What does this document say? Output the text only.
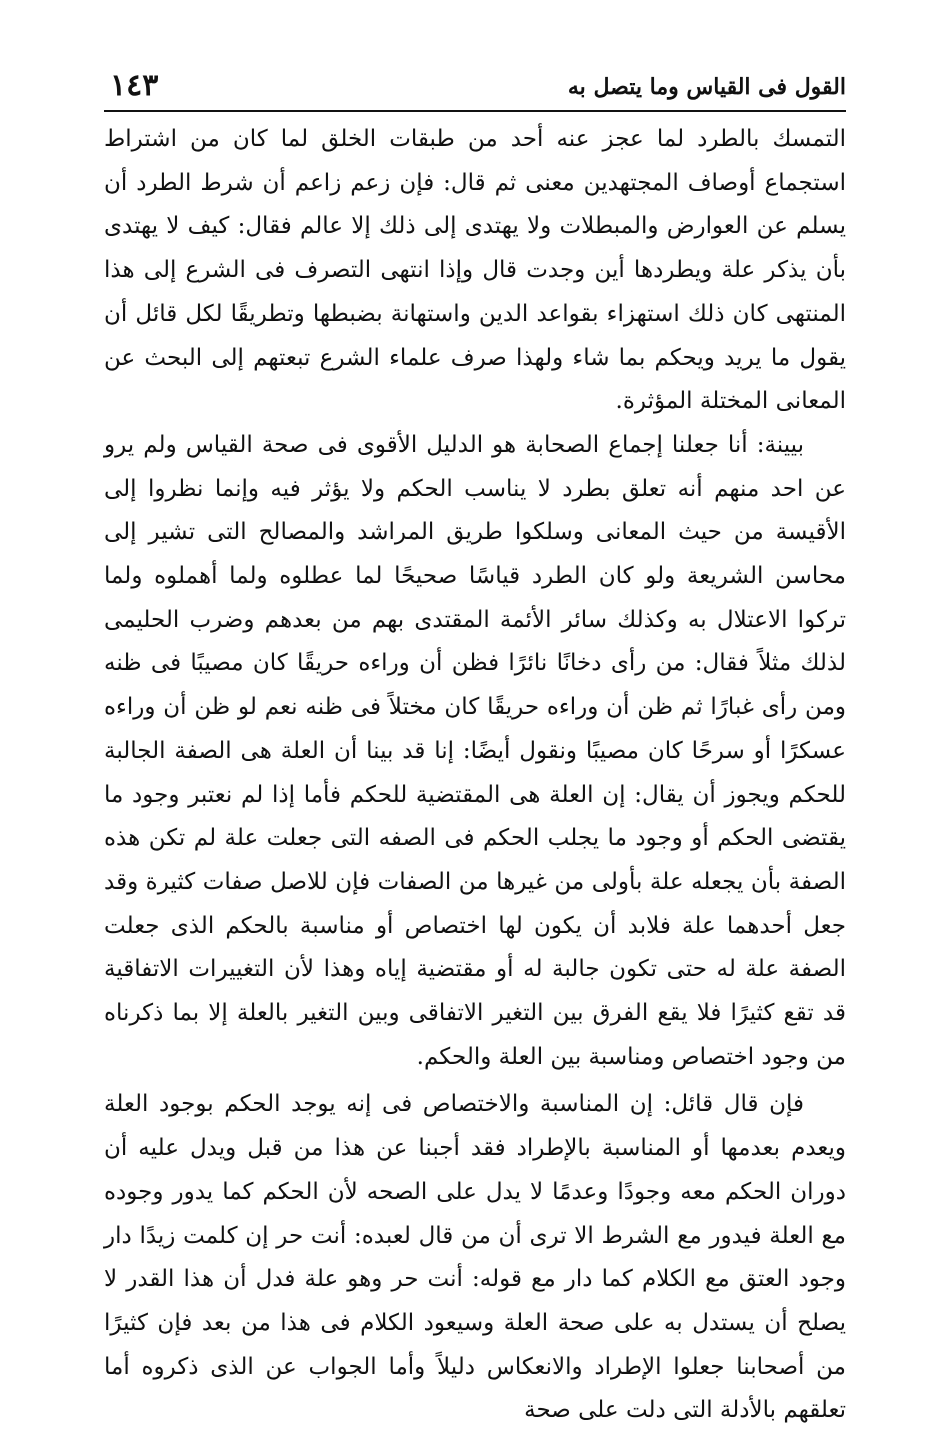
القول فى القياس وما يتصل به
١٤٣

التمسك بالطرد لما عجز عنه أحد من طبقات الخلق لما كان من اشتراط استجماع أوصاف المجتهدين معنى ثم قال: فإن زعم زاعم أن شرط الطرد أن يسلم عن العوارض والمبطلات ولا يهتدى إلى ذلك إلا عالم فقال: كيف لا يهتدى بأن يذكر علة ويطردها أين وجدت قال وإذا انتهى التصرف فى الشرع إلى هذا المنتهى كان ذلك استهزاء بقواعد الدين واستهانة بضبطها وتطريقًا لكل قائل أن يقول ما يريد ويحكم بما شاء ولهذا صرف علماء الشرع تبعتهم إلى البحث عن المعانى المختلة المؤثرة.

بيينة: أنا جعلنا إجماع الصحابة هو الدليل الأقوى فى صحة القياس ولم يرو عن احد منهم أنه تعلق بطرد لا يناسب الحكم ولا يؤثر فيه وإنما نظروا إلى الأقيسة من حيث المعانى وسلكوا طريق المراشد والمصالح التى تشير إلى محاسن الشريعة ولو كان الطرد قياسًا صحيحًا لما عطلوه ولما أهملوه ولما تركوا الاعتلال به وكذلك سائر الأئمة المقتدى بهم من بعدهم وضرب الحليمى لذلك مثلاً فقال: من رأى دخانًا نائرًا فظن أن وراءه حريقًا كان مصيبًا فى ظنه ومن رأى غبارًا ثم ظن أن وراءه حريقًا كان مختلاً فى ظنه نعم لو ظن أن وراءه عسكرًا أو سرحًا كان مصيبًا ونقول أيضًا: إنا قد بينا أن العلة هى الصفة الجالبة للحكم ويجوز أن يقال: إن العلة هى المقتضية للحكم فأما إذا لم نعتبر وجود ما يقتضى الحكم أو وجود ما يجلب الحكم فى الصفه التى جعلت علة لم تكن هذه الصفة بأن يجعله علة بأولى من غيرها من الصفات فإن للاصل صفات كثيرة وقد جعل أحدهما علة فلابد أن يكون لها اختصاص أو مناسبة بالحكم الذى جعلت الصفة علة له حتى تكون جالبة له أو مقتضية إياه وهذا لأن التغييرات الاتفاقية قد تقع كثيرًا فلا يقع الفرق بين التغير الاتفاقى وبين التغير بالعلة إلا بما ذكرناه من وجود اختصاص ومناسبة بين العلة والحكم.

فإن قال قائل: إن المناسبة والاختصاص فى إنه يوجد الحكم بوجود العلة ويعدم بعدمها أو المناسبة بالإطراد فقد أجبنا عن هذا من قبل ويدل عليه أن دوران الحكم معه وجودًا وعدمًا لا يدل على الصحه لأن الحكم كما يدور وجوده مع العلة فيدور مع الشرط الا ترى أن من قال لعبده: أنت حر إن كلمت زيدًا دار وجود العتق مع الكلام كما دار مع قوله: أنت حر وهو علة فدل أن هذا القدر لا يصلح أن يستدل به على صحة العلة وسيعود الكلام فى هذا من بعد فإن كثيرًا من أصحابنا جعلوا الإطراد والانعكاس دليلاً وأما الجواب عن الذى ذكروه أما تعلقهم بالأدلة التى دلت على صحة
